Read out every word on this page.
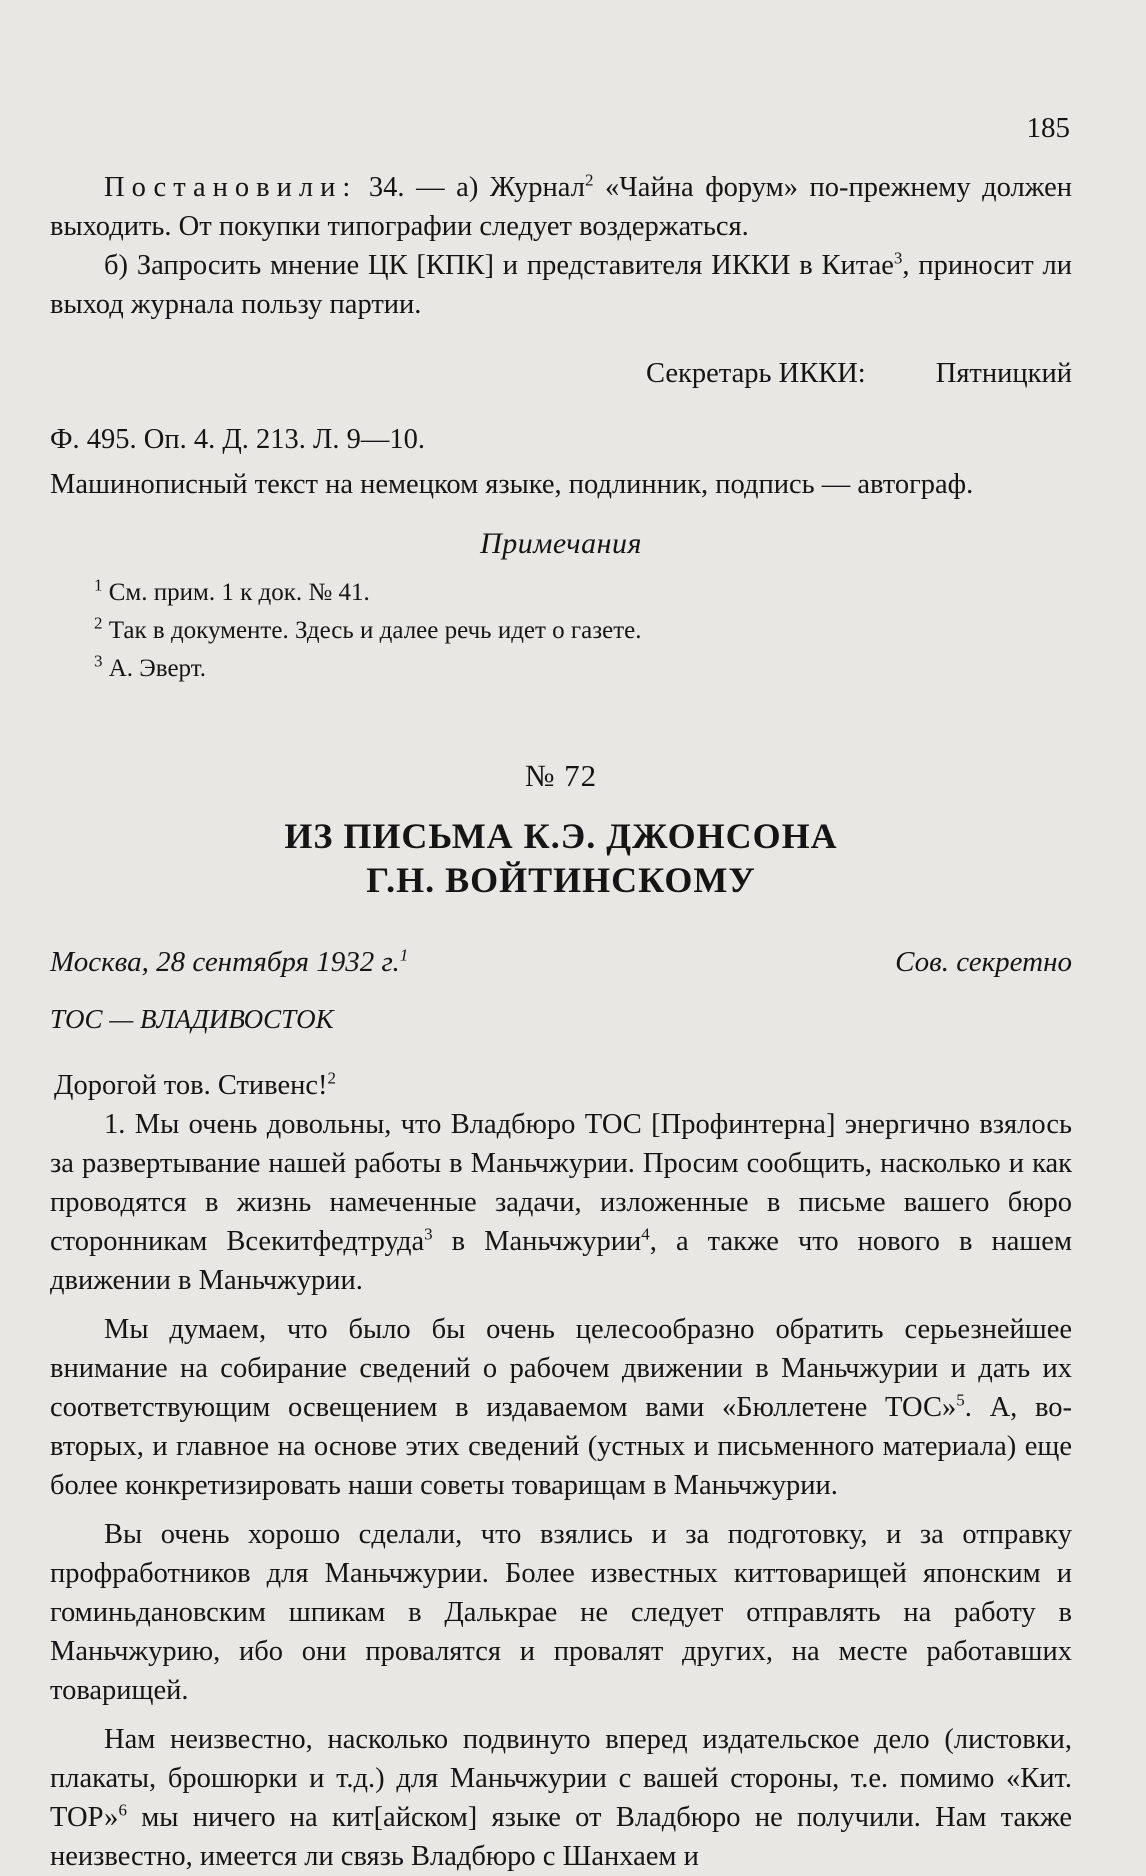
185

Постановили: 34. — а) Журнал$^2$ «Чайна форум» по-прежнему должен выходить. От покупки типографии следует воздержаться.

б) Запросить мнение ЦК [КПК] и представителя ИККИ в Китае$^3$, приносит ли выход журнала пользу партии.

Секретарь ИККИ: Пятницкий

Ф. 495. Оп. 4. Д. 213. Л. 9—10.

Машинописный текст на немецком языке, подлинник, подпись — автограф.

Примечания

$^1$ См. прим. 1 к док. № 41.

$^2$ Так в документе. Здесь и далее речь идет о газете.

$^3$ А. Эверт.

№ 72

ИЗ ПИСЬМА К.Э. ДЖОНСОНА

Г.Н. ВОЙТИНСКОМУ

Москва, 28 сентября 1932 г.$^1$	Сов. секретно

ТОС — ВЛАДИВОСТОК

Дорогой тов. Стивенс!$^2$

1. Мы очень довольны, что Владбюро ТОС [Профинтерна] энергично взялось за развертывание нашей работы в Маньчжурии. Просим сообщить, насколько и как проводятся в жизнь намеченные задачи, изложенные в письме вашего бюро сторонникам Всекитфедтруда$^3$ в Маньчжурии$^4$, а также что нового в нашем движении в Маньчжурии.

Мы думаем, что было бы очень целесообразно обратить серьезнейшее внимание на собирание сведений о рабочем движении в Маньчжурии и дать их соответствующим освещением в издаваемом вами «Бюллетене ТОС»$^5$. А, во-вторых, и главное на основе этих сведений (устных и письменного материала) еще более конкретизировать наши советы товарищам в Маньчжурии.

Вы очень хорошо сделали, что взялись и за подготовку, и за отправку профработников для Маньчжурии. Более известных киттоварищей японским и гоминьдановским шпикам в Далькрае не следует отправлять на работу в Маньчжурию, ибо они провалятся и провалят других, на месте работавших товарищей.

Нам неизвестно, насколько подвинуто вперед издательское дело (листовки, плакаты, брошюрки и т.д.) для Маньчжурии с вашей стороны, т.е. помимо «Кит. ТОР»$^6$ мы ничего на кит[айском] языке от Владбюро не получили. Нам также неизвестно, имеется ли связь Владбюро с Шанхаем и
